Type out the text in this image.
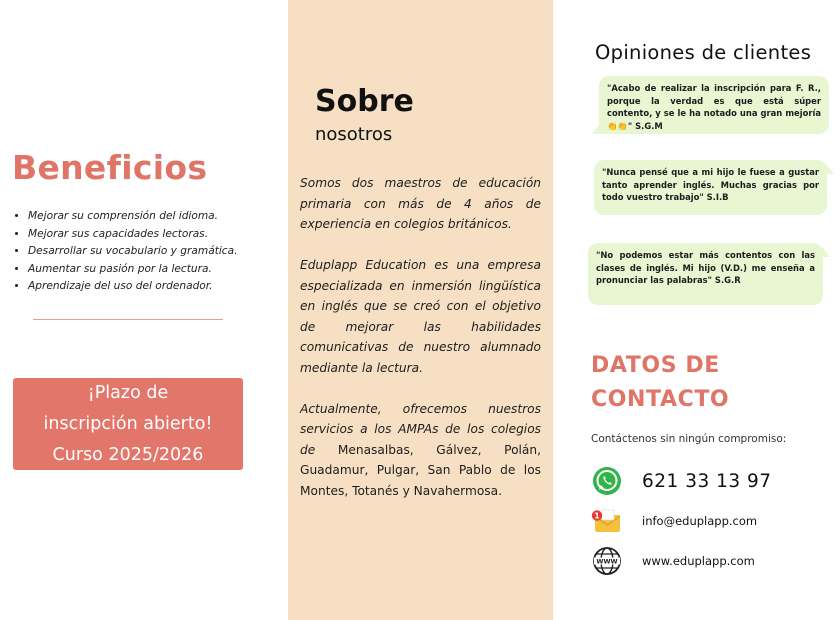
Beneficios
• Mejorar su comprensión del idioma.
• Mejorar sus capacidades lectoras.
• Desarrollar su vocabulario y gramática.
• Aumentar su pasión por la lectura.
• Aprendizaje del uso del ordenador.
¡Plazo de
inscripción abierto!
Curso 2025/2026
Sobre
nosotros

Somos dos maestros de educación primaria con más de 4 años de experiencia en colegios británicos.

Eduplapp Education es una empresa especializada en inmersión lingüística en inglés que se creó con el objetivo de mejorar las habilidades comunicativas de nuestro alumnado mediante la lectura.

Actualmente, ofrecemos nuestros servicios a los AMPAs de los colegios de Menasalbas, Gálvez, Polán, Guadamur, Pulgar, San Pablo de los Montes, Totanés y Navahermosa.

Opiniones de clientes
"Acabo de realizar la inscripción para F. R., porque la verdad es que está súper contento, y se le ha notado una gran mejoría 👏👏" S.G.M
"Nunca pensé que a mi hijo le fuese a gustar tanto aprender inglés. Muchas gracias por todo vuestro trabajo" S.I.B
"No podemos estar más contentos con las clases de inglés. Mi hijo (V.D.) me enseña a pronunciar las palabras" S.G.R
DATOS DE
CONTACTO
Contáctenos sin ningún compromiso:
621 33 13 97
1	info@eduplapp.com
WWW www.eduplapp.com
